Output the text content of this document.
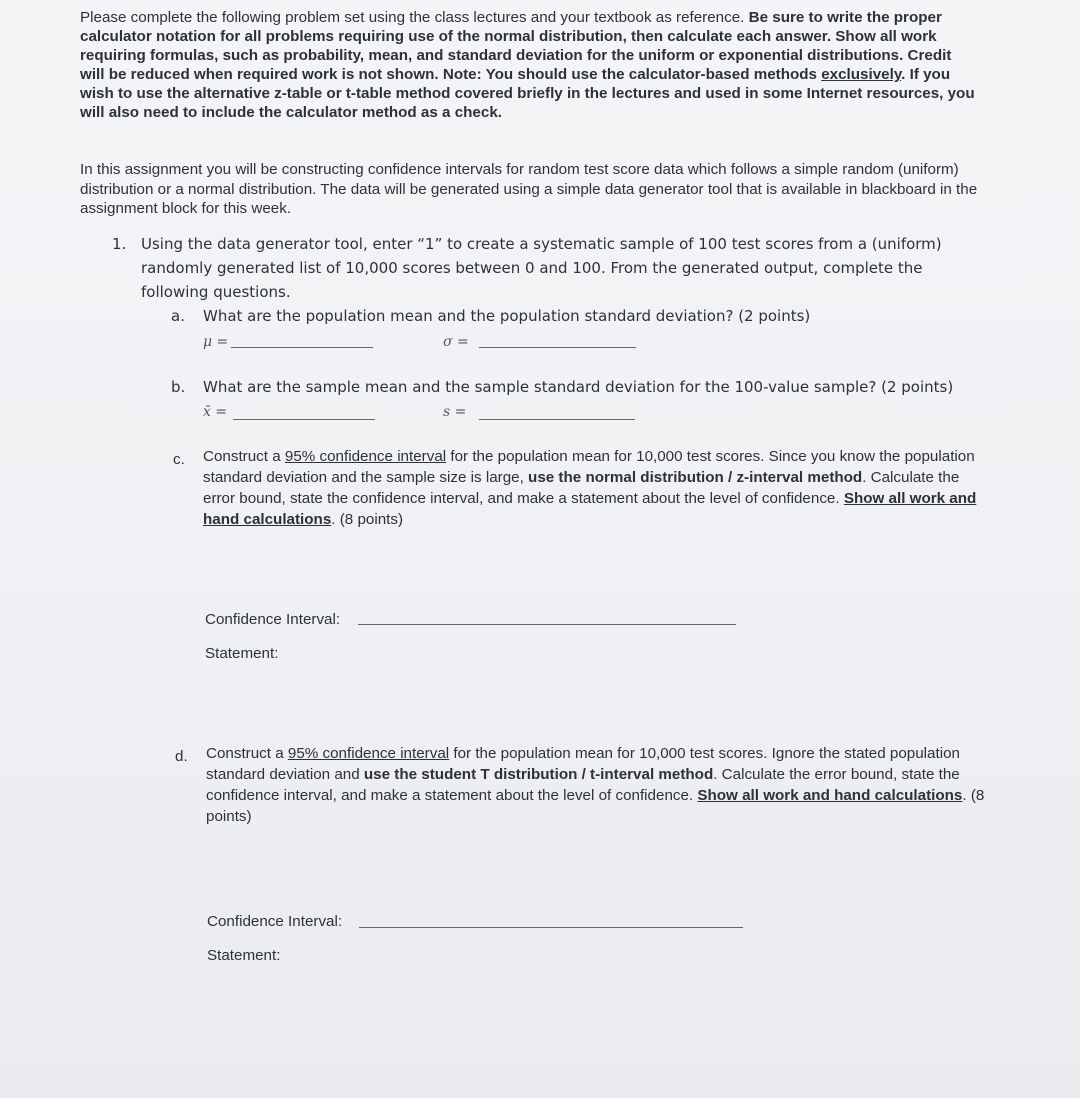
Please complete the following problem set using the class lectures and your textbook as reference. Be sure to write the proper calculator notation for all problems requiring use of the normal distribution, then calculate each answer. Show all work requiring formulas, such as probability, mean, and standard deviation for the uniform or exponential distributions. Credit will be reduced when required work is not shown. Note: You should use the calculator-based methods exclusively. If you wish to use the alternative z-table or t-table method covered briefly in the lectures and used in some Internet resources, you will also need to include the calculator method as a check.
In this assignment you will be constructing confidence intervals for random test score data which follows a simple random (uniform) distribution or a normal distribution. The data will be generated using a simple data generator tool that is available in blackboard in the assignment block for this week.
1. Using the data generator tool, enter “1” to create a systematic sample of 100 test scores from a (uniform) randomly generated list of 10,000 scores between 0 and 100. From the generated output, complete the following questions.
a. What are the population mean and the population standard deviation? (2 points)
μ =	σ =
b. What are the sample mean and the sample standard deviation for the 100-value sample? (2 points)
x̄ =	s =
c. Construct a 95% confidence interval for the population mean for 10,000 test scores. Since you know the population standard deviation and the sample size is large, use the normal distribution / z-interval method. Calculate the error bound, state the confidence interval, and make a statement about the level of confidence. Show all work and hand calculations. (8 points)
Confidence Interval:
Statement:
d. Construct a 95% confidence interval for the population mean for 10,000 test scores. Ignore the stated population standard deviation and use the student T distribution / t-interval method. Calculate the error bound, state the confidence interval, and make a statement about the level of confidence. Show all work and hand calculations. (8 points)
Confidence Interval:
Statement:
